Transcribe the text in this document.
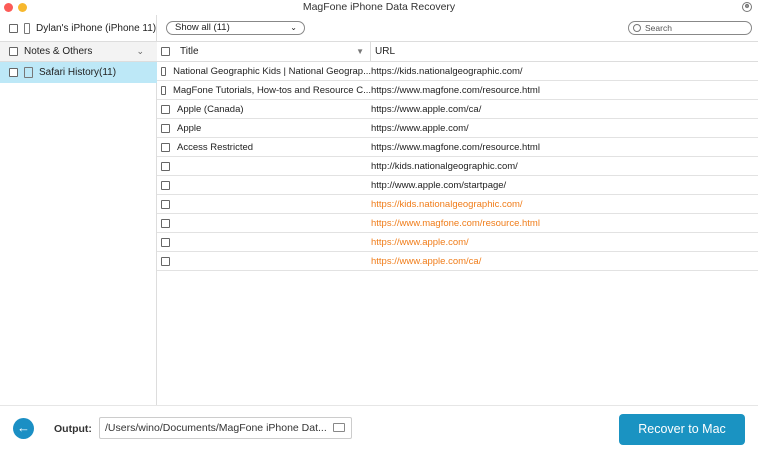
MagFone iPhone Data Recovery	☻
Dylan's iPhone (iPhone 11)
Notes & Others	⌄
Safari History(11)
Show all (11)	⌄	Search
Title	▼	URL
National Geographic Kids | National Geograp... https://kids.nationalgeographic.com/
MagFone Tutorials, How-tos and Resource C... https://www.magfone.com/resource.html
Apple (Canada)	https://www.apple.com/ca/
Apple	https://www.apple.com/
Access Restricted	https://www.magfone.com/resource.html
http://kids.nationalgeographic.com/
http://www.apple.com/startpage/
https://kids.nationalgeographic.com/
https://www.magfone.com/resource.html
https://www.apple.com/
https://www.apple.com/ca/
←	Output:	/Users/wino/Documents/MagFone iPhone Dat...	Recover to Mac
